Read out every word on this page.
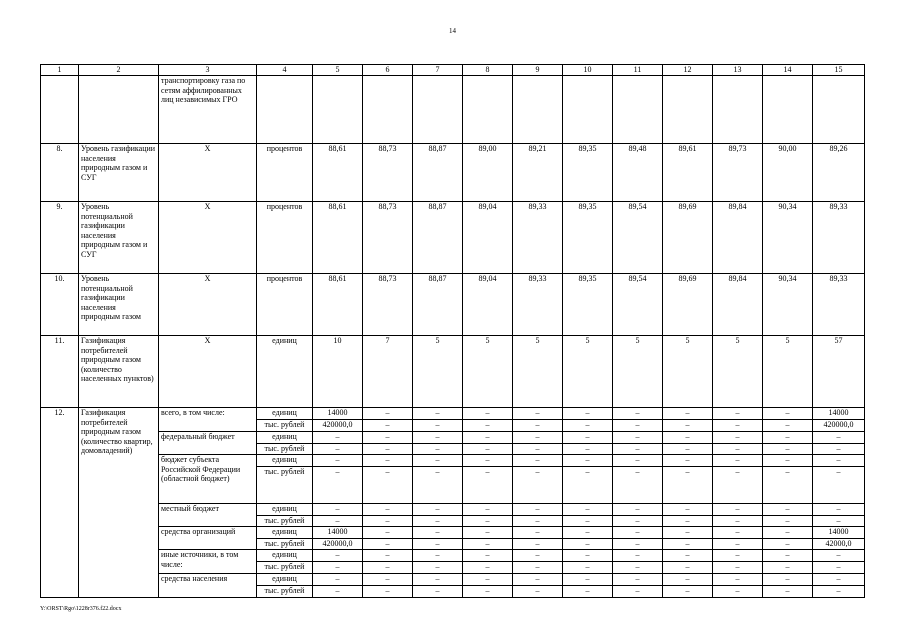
14
1	2	3	4	5	6	7	8	9	10	11	12	13	14	15
		транспортировку газа по сетям аффилированных лиц независимых ГРО												
8.	Уровень газификации населения природным газом и СУГ	Х	процентов	88,61	88,73	88,87	89,00	89,21	89,35	89,48	89,61	89,73	90,00	89,26
9.	Уровень потенциальной газификации населения природным газом и СУГ	Х	процентов	88,61	88,73	88,87	89,04	89,33	89,35	89,54	89,69	89,84	90,34	89,33
10.	Уровень потенциальной газификации населения природным газом	Х	процентов	88,61	88,73	88,87	89,04	89,33	89,35	89,54	89,69	89,84	90,34	89,33
11.	Газификация потребителей природным газом (количество населенных пунктов)	Х	единиц	10	7	5	5	5	5	5	5	5	5	57
12.	Газификация потребителей природным газом (количество квартир, домовладений)	всего, в том числе:	единиц	14000	–	–	–	–	–	–	–	–	–	14000
			тыс. рублей	420000,0	–	–	–	–	–	–	–	–	–	420000,0
		федеральный бюджет	единиц	–	–	–	–	–	–	–	–	–	–	–
			тыс. рублей	–	–	–	–	–	–	–	–	–	–	–
		бюджет субъекта Российской Федерации (областной бюджет)	единиц	–	–	–	–	–	–	–	–	–	–	–
			тыс. рублей	–	–	–	–	–	–	–	–	–	–	–
		местный бюджет	единиц	–	–	–	–	–	–	–	–	–	–	–
			тыс. рублей	–	–	–	–	–	–	–	–	–	–	–
		средства организаций	единиц	14000	–	–	–	–	–	–	–	–	–	14000
			тыс. рублей	420000,0	–	–	–	–	–	–	–	–	–	42000,0
		иные источники, в том числе:	единиц	–	–	–	–	–	–	–	–	–	–	–
			тыс. рублей	–	–	–	–	–	–	–	–	–	–	–
		средства населения	единиц	–	–	–	–	–	–	–	–	–	–	–
			тыс. рублей	–	–	–	–	–	–	–	–	–	–	–
Y:\ORST\Rgo\1228r376.f22.docx
